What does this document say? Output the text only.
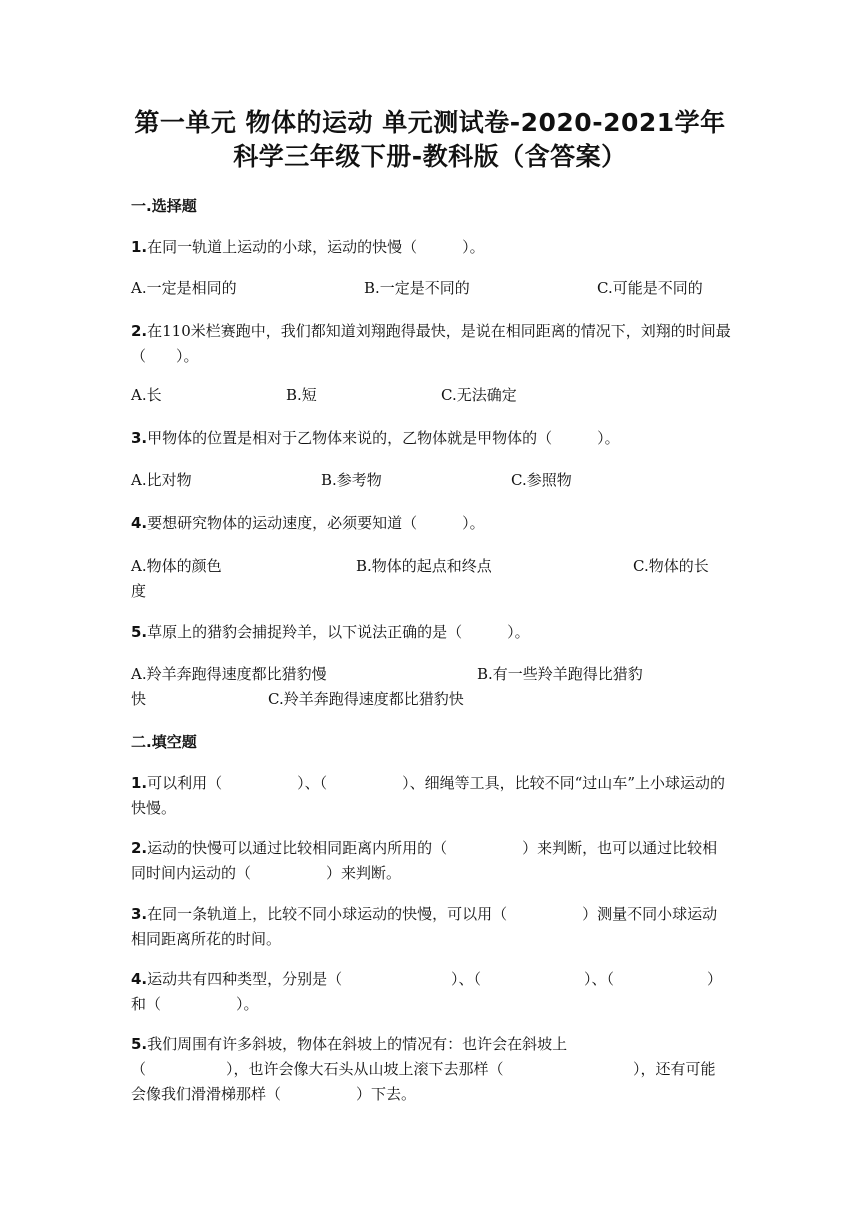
第一单元 物体的运动 单元测试卷-2020-2021学年
科学三年级下册-教科版（含答案）
一.选择题
1.在同一轨道上运动的小球，运动的快慢（　　　）。
A.一定是相同的	B.一定是不同的	C.可能是不同的
2.在110米栏赛跑中，我们都知道刘翔跑得最快，是说在相同距离的情况下，刘翔的时间最（　　）。
A.长	B.短	C.无法确定
3.甲物体的位置是相对于乙物体来说的，乙物体就是甲物体的（　　　）。
A.比对物	B.参考物	C.参照物
4.要想研究物体的运动速度，必须要知道（　　　）。
A.物体的颜色	B.物体的起点和终点	C.物体的长
度
5.草原上的猎豹会捕捉羚羊，以下说法正确的是（　　　）。
A.羚羊奔跑得速度都比猎豹慢	B.有一些羚羊跑得比猎豹
快	C.羚羊奔跑得速度都比猎豹快
二.填空题
1.可以利用（　　　　　）、（　　　　　）、细绳等工具，比较不同“过山车”上小球运动的快慢。
2.运动的快慢可以通过比较相同距离内所用的（　　　　　）来判断，也可以通过比较相同时间内运动的（　　　　　）来判断。
3.在同一条轨道上，比较不同小球运动的快慢，可以用（　　　　　）测量不同小球运动相同距离所花的时间。
4.运动共有四种类型，分别是（	）、（	）、（	）
和（　　　　　）。
5.我们周围有许多斜坡，物体在斜坡上的情况有：也许会在斜坡上
（	），也许会像大石头从山坡上滚下去那样（	），还有可能
会像我们滑滑梯那样（　　　　　）下去。
